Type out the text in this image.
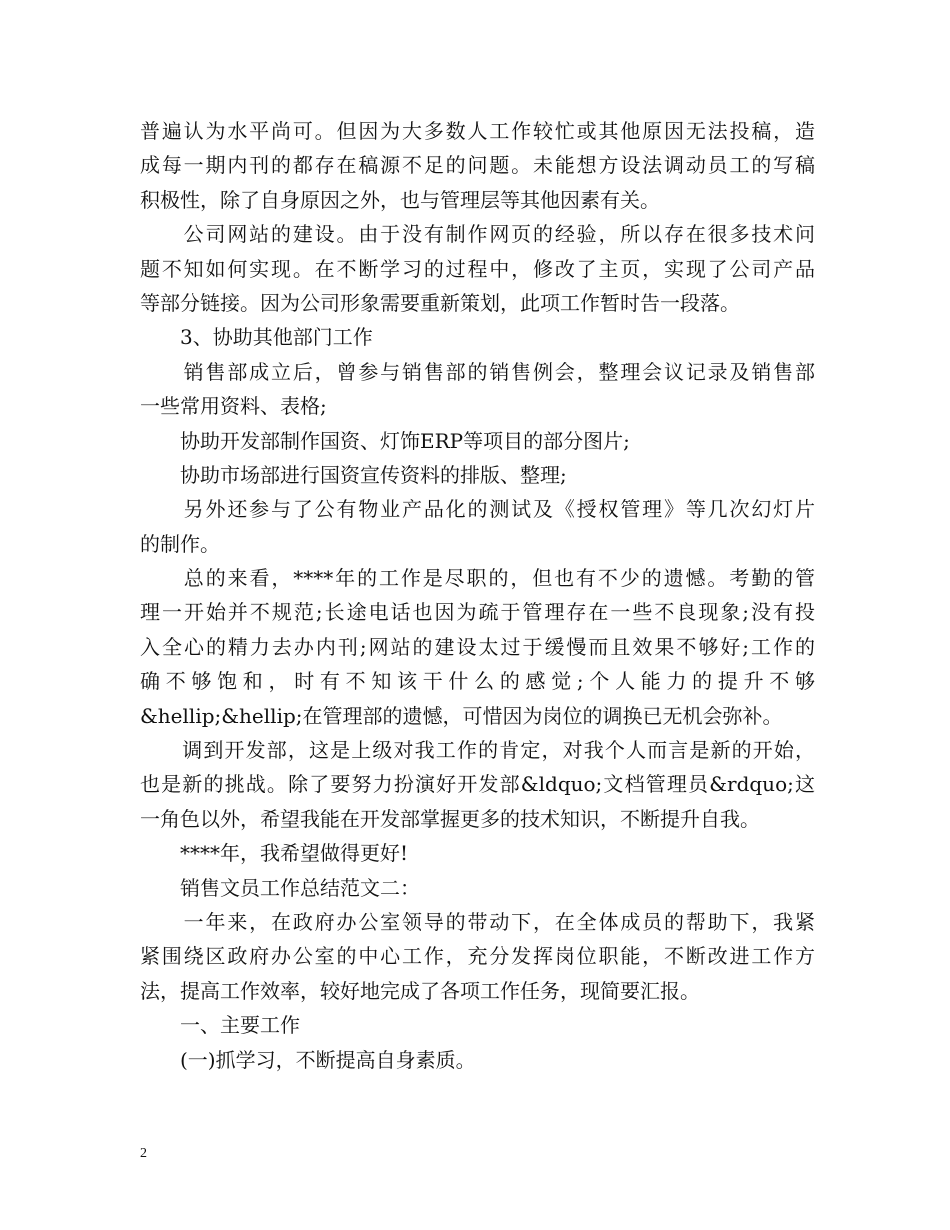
普遍认为水平尚可。但因为大多数人工作较忙或其他原因无法投稿，造
成每一期内刊的都存在稿源不足的问题。未能想方设法调动员工的写稿
积极性，除了自身原因之外，也与管理层等其他因素有关。
　　公司网站的建设。由于没有制作网页的经验，所以存在很多技术问
题不知如何实现。在不断学习的过程中，修改了主页，实现了公司产品
等部分链接。因为公司形象需要重新策划，此项工作暂时告一段落。
　　3、协助其他部门工作
　　销售部成立后，曾参与销售部的销售例会，整理会议记录及销售部
一些常用资料、表格;
　　协助开发部制作国资、灯饰ERP等项目的部分图片;
　　协助市场部进行国资宣传资料的排版、整理;
　　另外还参与了公有物业产品化的测试及《授权管理》等几次幻灯片
的制作。
　　总的来看，****年的工作是尽职的，但也有不少的遗憾。考勤的管
理一开始并不规范;长途电话也因为疏于管理存在一些不良现象;没有投
入全心的精力去办内刊;网站的建设太过于缓慢而且效果不够好;工作的
确不够饱和，时有不知该干什么的感觉;个人能力的提升不够
&hellip;&hellip;在管理部的遗憾，可惜因为岗位的调换已无机会弥补。
　　调到开发部，这是上级对我工作的肯定，对我个人而言是新的开始，
也是新的挑战。除了要努力扮演好开发部&ldquo;文档管理员&rdquo;这
一角色以外，希望我能在开发部掌握更多的技术知识，不断提升自我。
　　****年，我希望做得更好!
　　销售文员工作总结范文二：
　　一年来，在政府办公室领导的带动下，在全体成员的帮助下，我紧
紧围绕区政府办公室的中心工作，充分发挥岗位职能，不断改进工作方
法，提高工作效率，较好地完成了各项工作任务，现简要汇报。
　　一、主要工作
　　(一)抓学习，不断提高自身素质。
2
